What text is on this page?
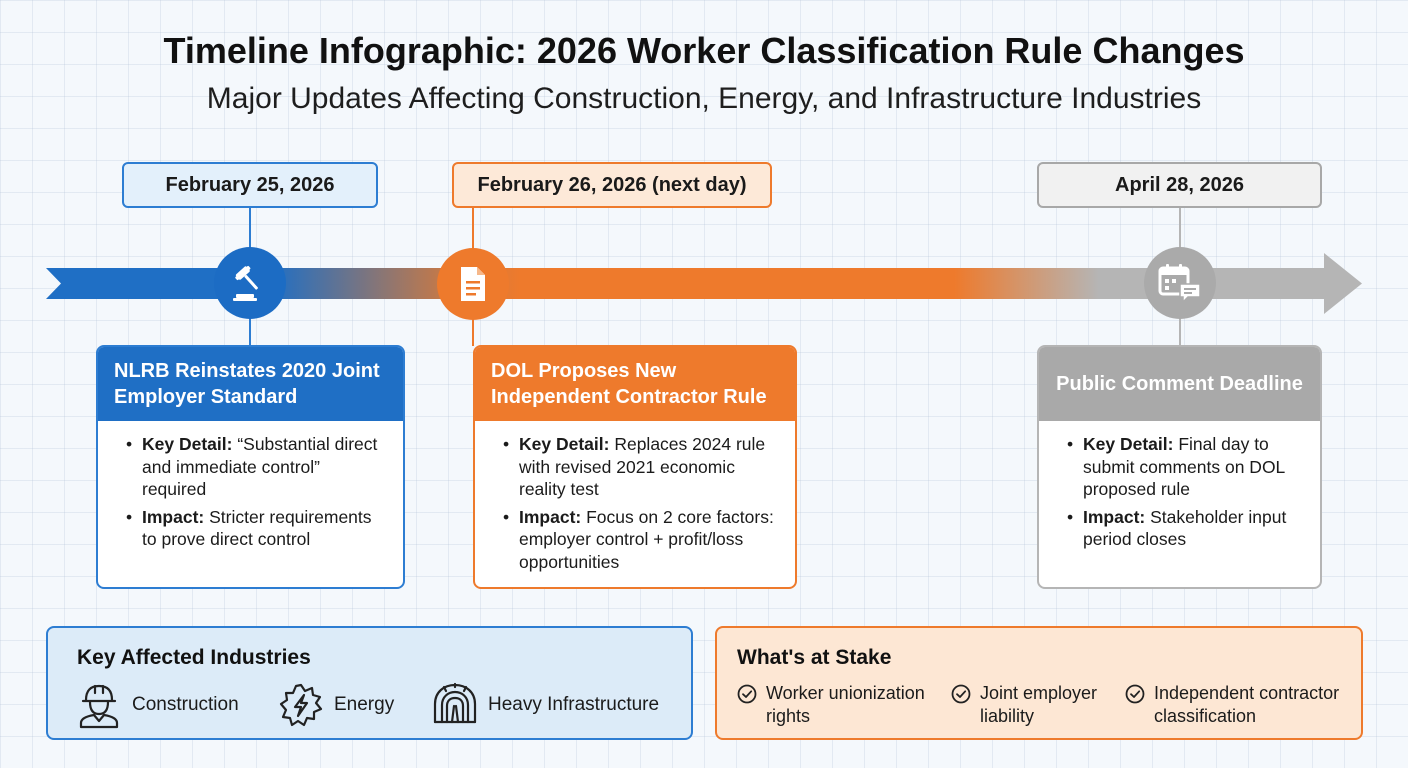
Timeline Infographic: 2026 Worker Classification Rule Changes
Major Updates Affecting Construction, Energy, and Infrastructure Industries
February 25, 2026	February 26, 2026 (next day)	April 28, 2026
NLRB Reinstates 2020 Joint Employer Standard
• Key Detail: “Substantial direct and immediate control” required
• Impact: Stricter requirements to prove direct control
DOL Proposes New Independent Contractor Rule
• Key Detail: Replaces 2024 rule with revised 2021 economic reality test
• Impact: Focus on 2 core factors: employer control + profit/loss opportunities
Public Comment Deadline
• Key Detail: Final day to submit comments on DOL proposed rule
• Impact: Stakeholder input period closes
Key Affected Industries
Construction	Energy	Heavy Infrastructure
What's at Stake
Worker unionization
rights
Joint employer
liability
Independent contractor
classification
